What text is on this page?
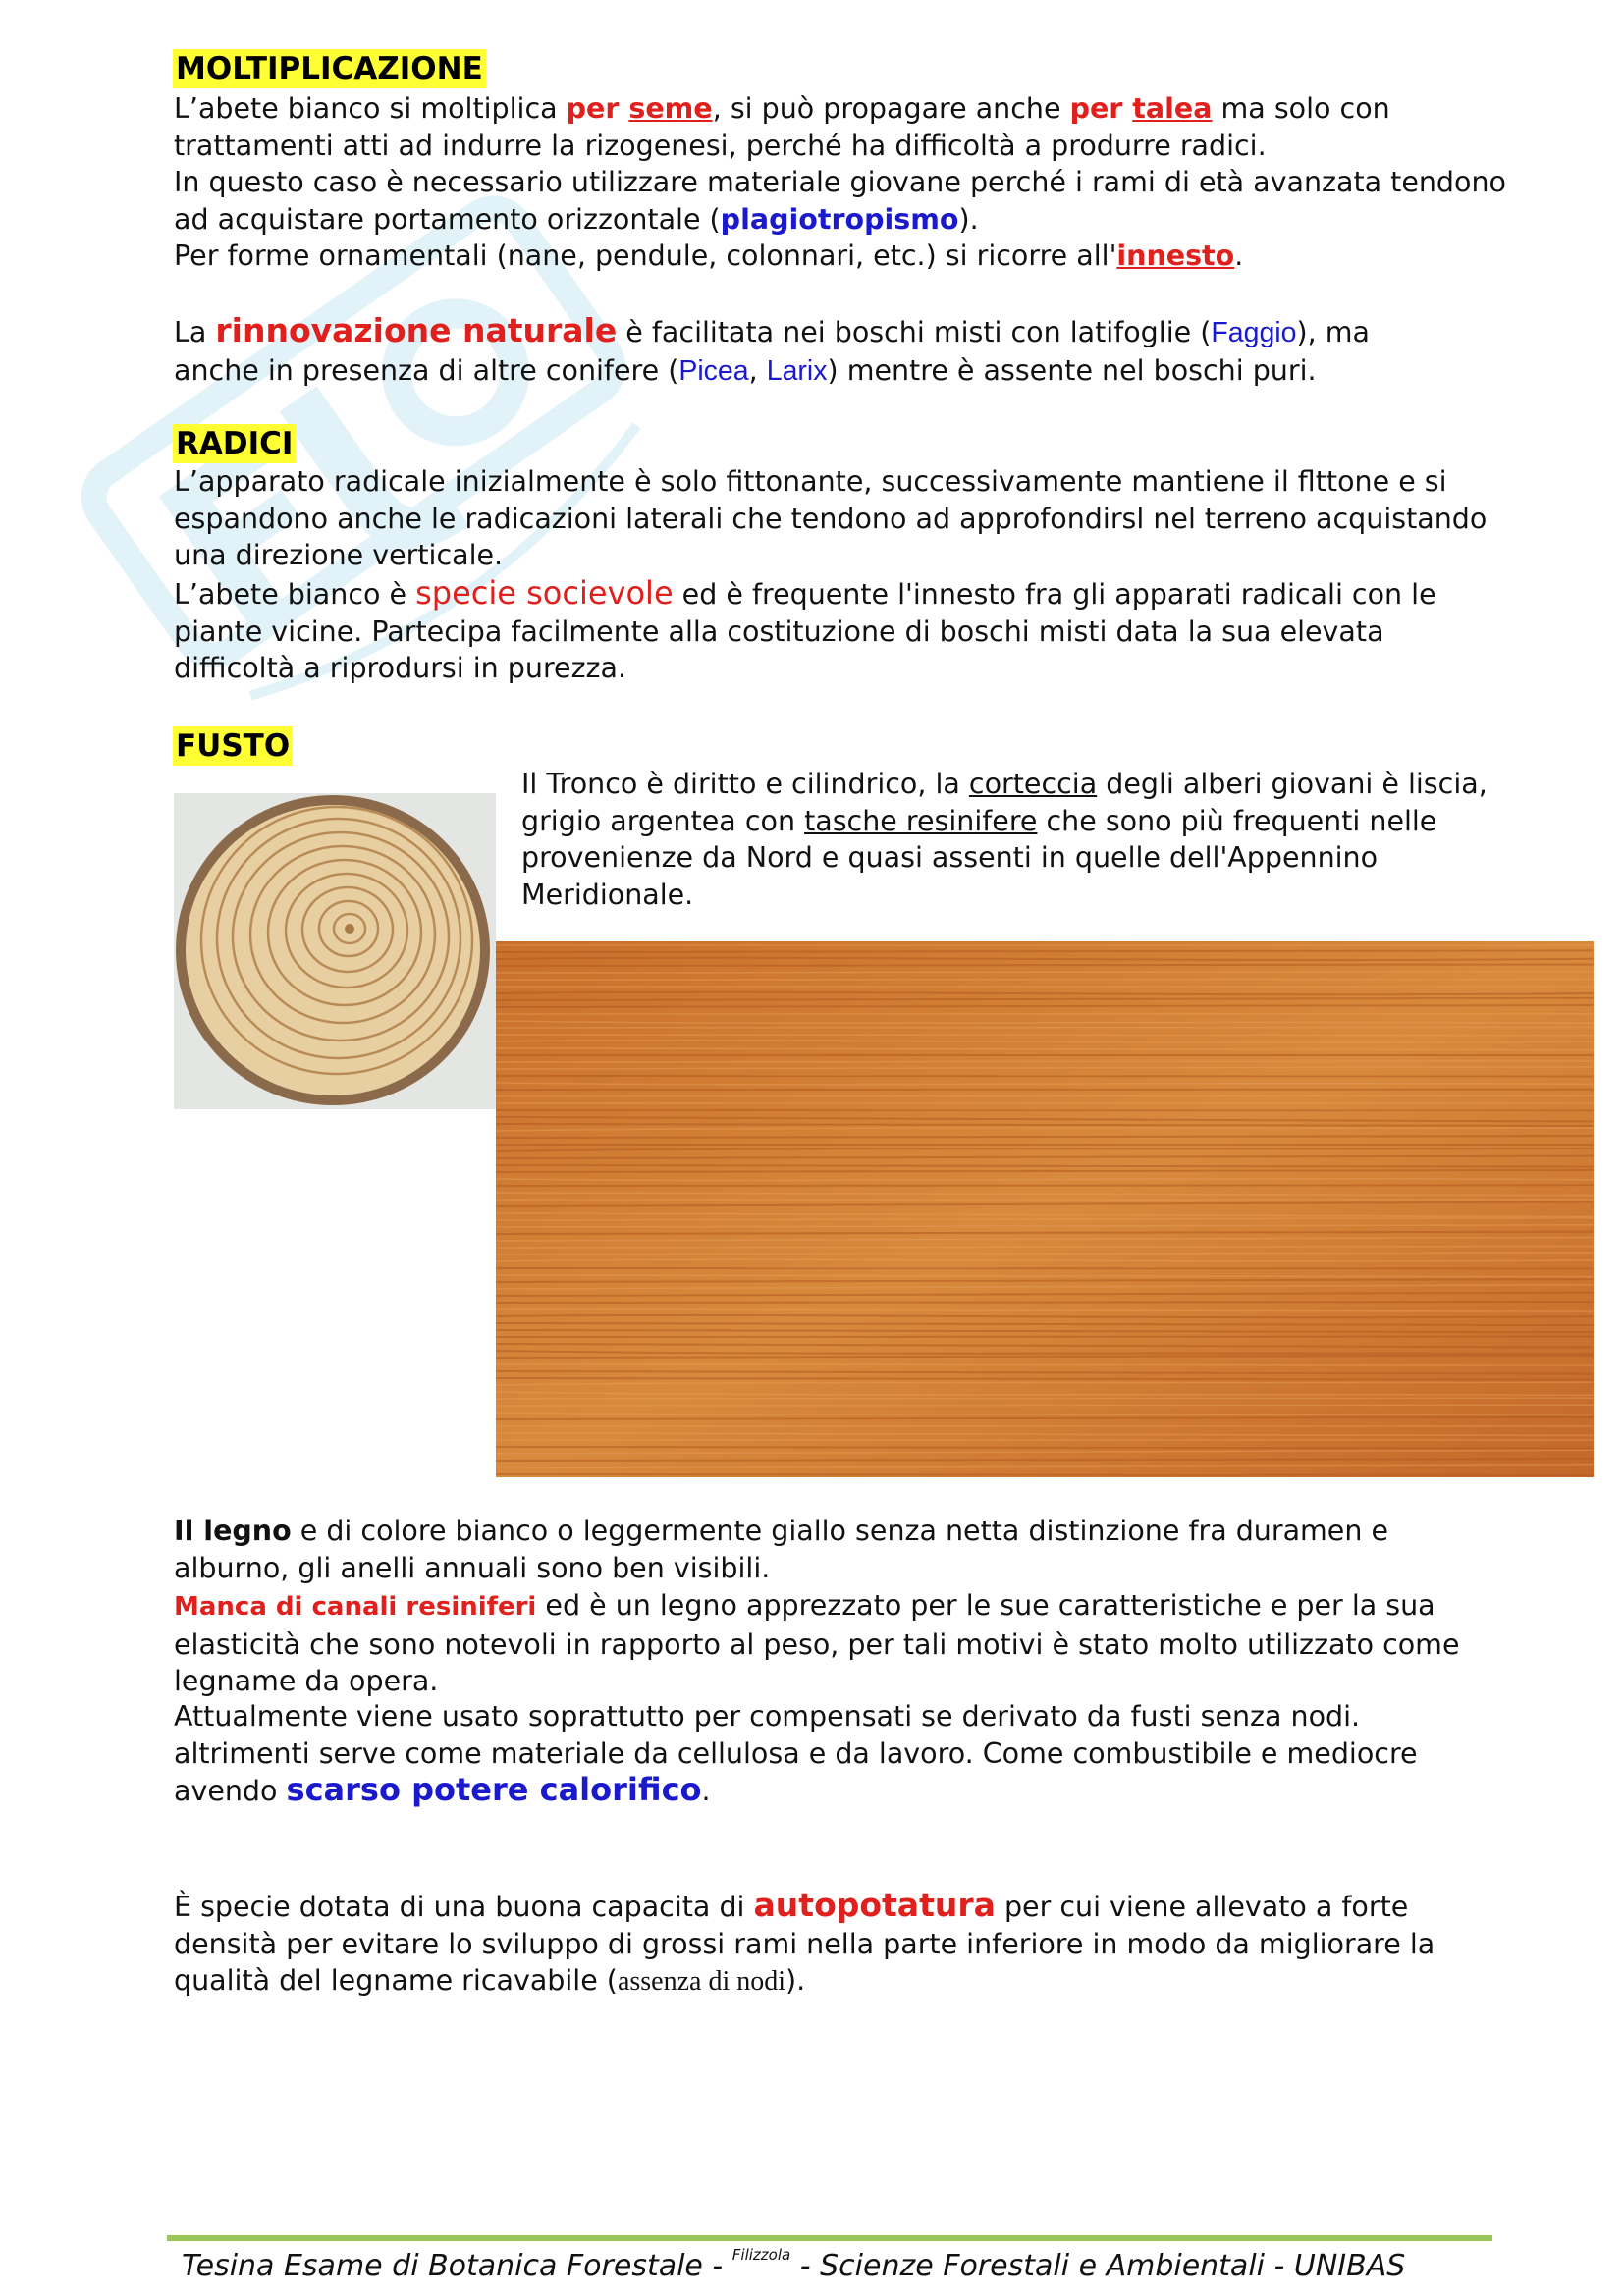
MOLTIPLICAZIONE

L’abete bianco si moltiplica per seme, si può propagare anche per talea ma solo con trattamenti atti ad indurre la rizogenesi, perché ha difficoltà a produrre radici.

In questo caso è necessario utilizzare materiale giovane perché i rami di età avanzata tendono ad acquistare portamento orizzontale (plagiotropismo).

Per forme ornamentali (nane, pendule, colonnari, etc.) si ricorre all'innesto.

La rinnovazione naturale è facilitata nei boschi misti con latifoglie (Faggio), ma anche in presenza di altre conifere (Picea, Larix) mentre è assente nel boschi puri.

RADICI

L’apparato radicale inizialmente è solo fittonante, successivamente mantiene il flttone e si espandono anche le radicazioni laterali che tendono ad approfondirsl nel terreno acquistando una direzione verticale.

L’abete bianco è specie socievole ed è frequente l'innesto fra gli apparati radicali con le piante vicine. Partecipa facilmente alla costituzione di boschi misti data la sua elevata difficoltà a riprodursi in purezza.

FUSTO
Il Tronco è diritto e cilindrico, la corteccia degli alberi giovani è liscia, grigio argentea con tasche resinifere che sono più frequenti nelle provenienze da Nord e quasi assenti in quelle dell'Appennino Meridionale.

Il legno e di colore bianco o leggermente giallo senza netta distinzione fra duramen e alburno, gli anelli annuali sono ben visibili.

Manca di canali resiniferi ed è un legno apprezzato per le sue caratteristiche e per la sua elasticità che sono notevoli in rapporto al peso, per tali motivi è stato molto utilizzato come legname da opera.

Attualmente viene usato soprattutto per compensati se derivato da fusti senza nodi. altrimenti serve come materiale da cellulosa e da lavoro. Come combustibile e mediocre avendo scarso potere calorifico.

È specie dotata di una buona capacita di autopotatura per cui viene allevato a forte densità per evitare lo sviluppo di grossi rami nella parte inferiore in modo da migliorare la qualità del legname ricavabile (assenza di nodi).

Tesina Esame di Botanica Forestale - $^{Filizzola}$ - Scienze Forestali e Ambientali - UNIBAS
